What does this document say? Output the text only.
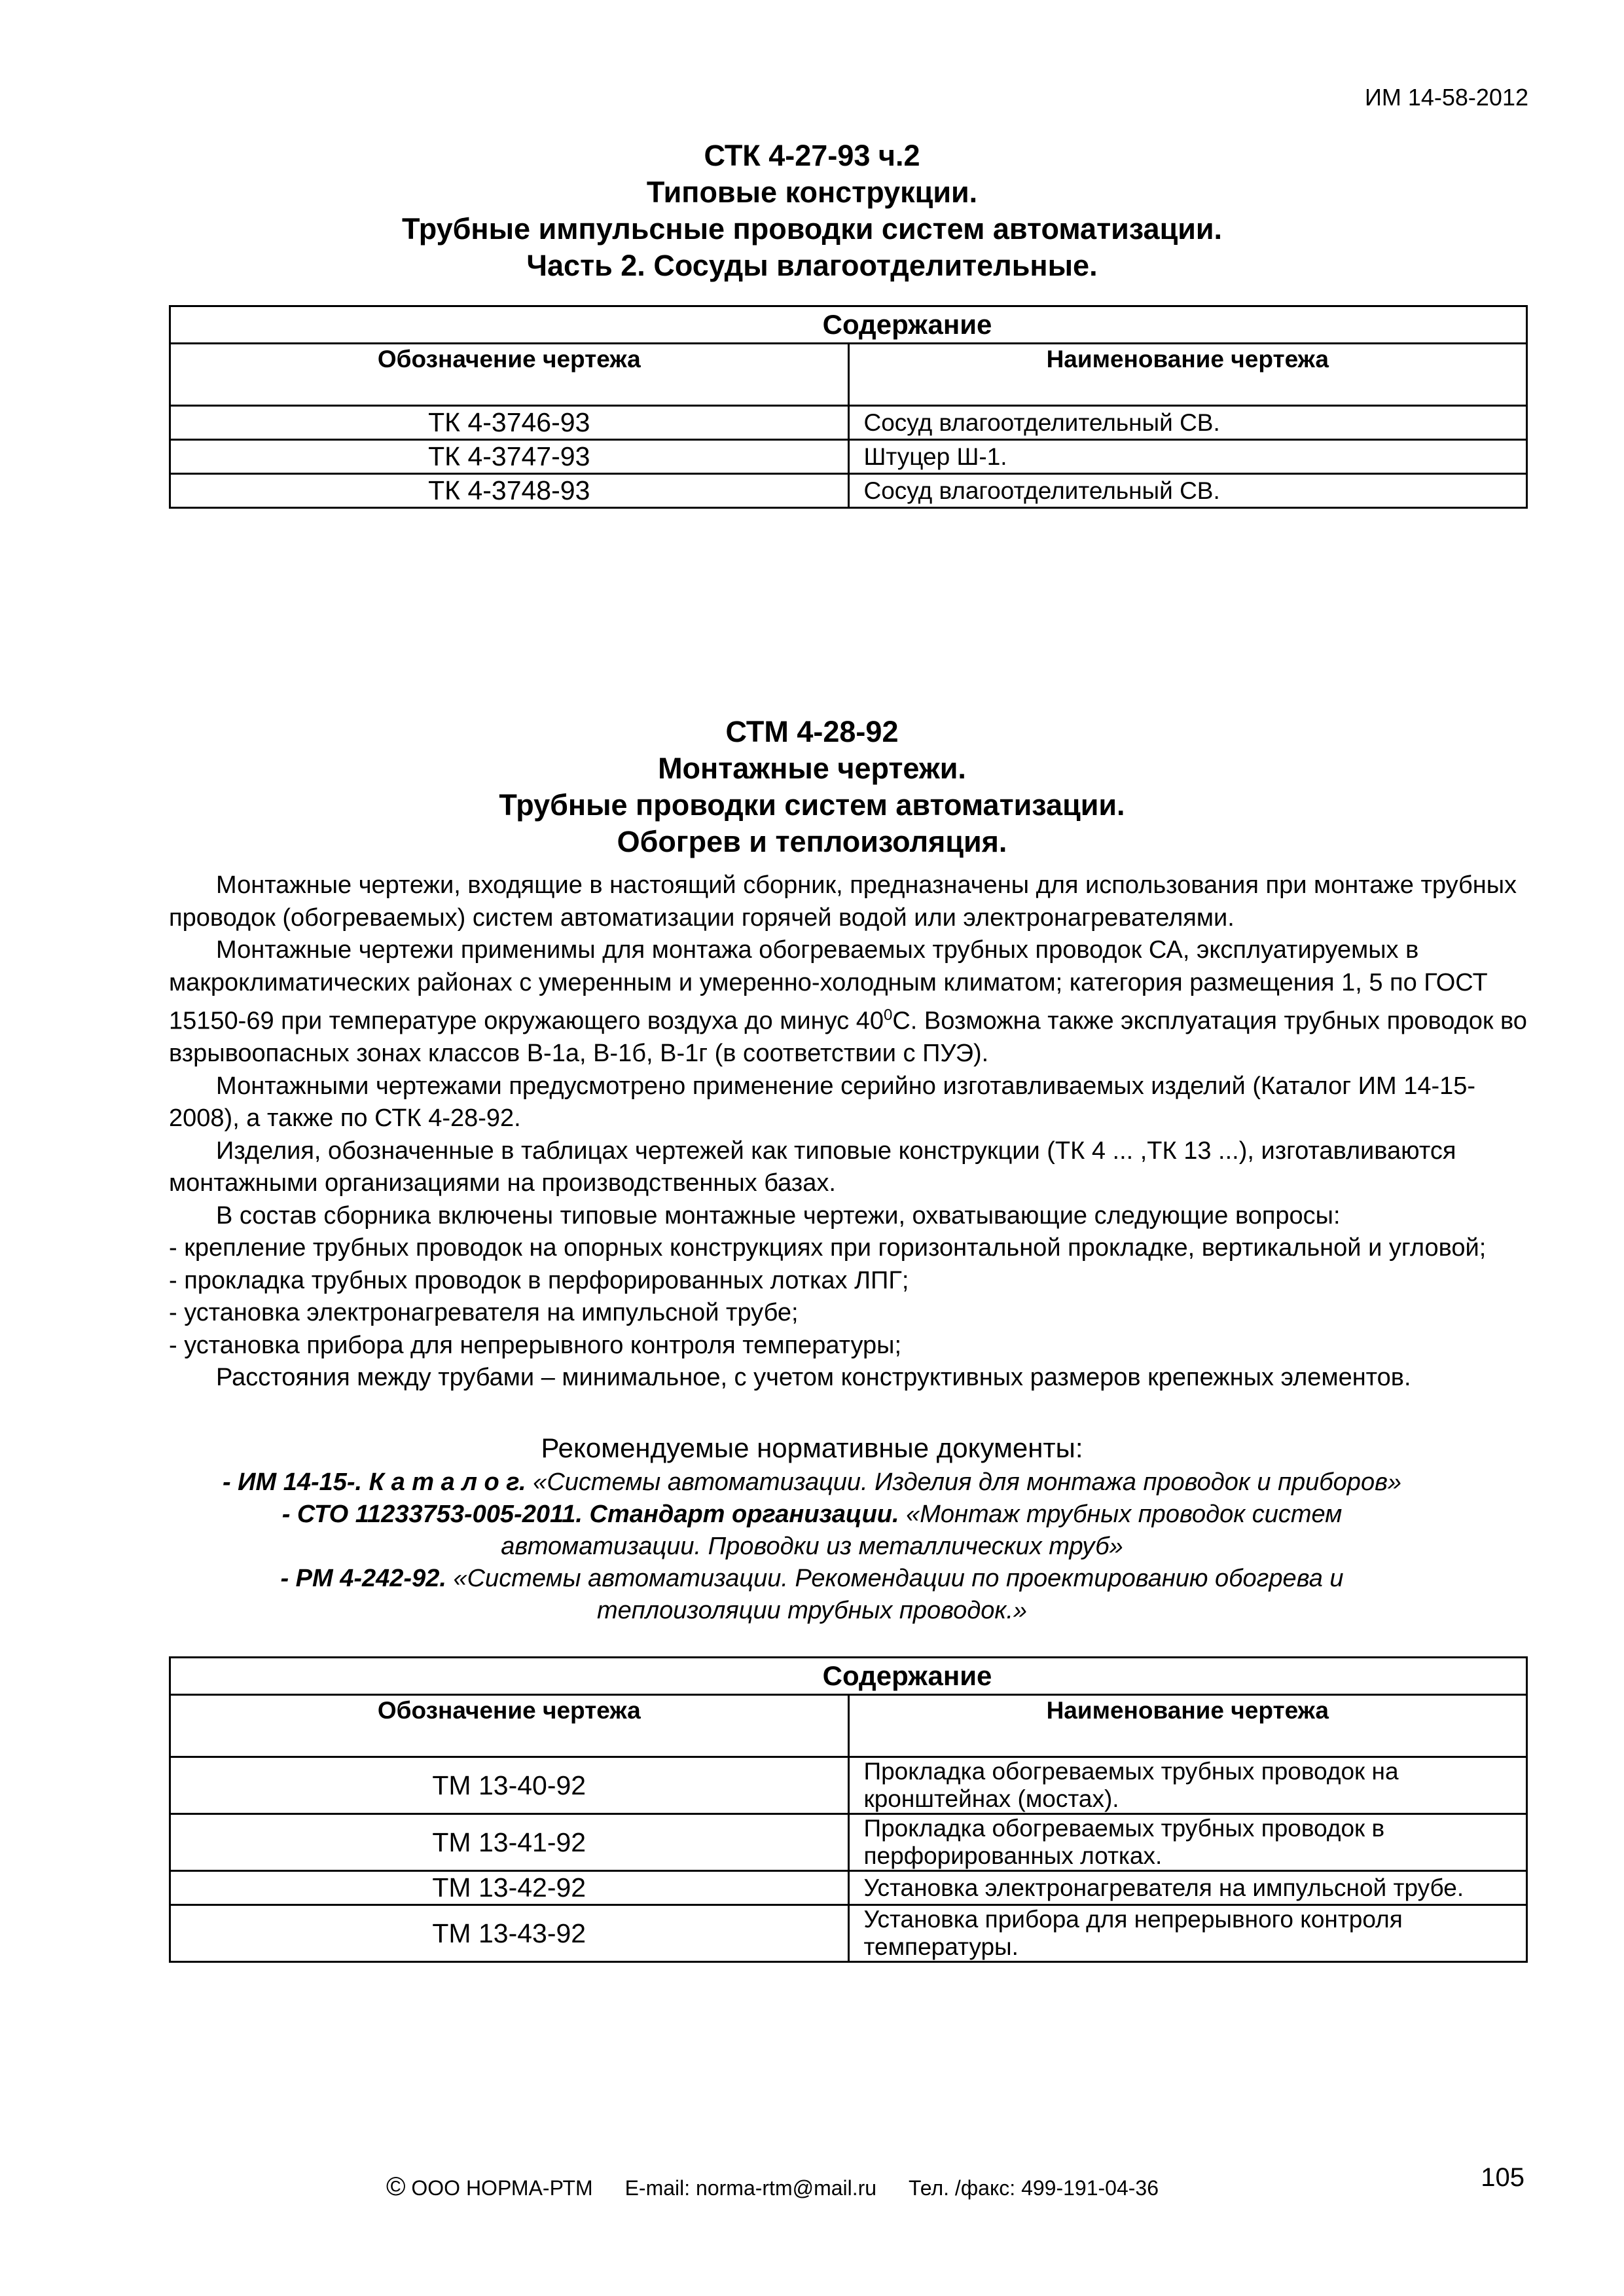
ИМ 14-58-2012
СТК 4-27-93 ч.2
Типовые конструкции.
Трубные импульсные проводки систем автоматизации.
Часть 2. Сосуды влагоотделительные.
Содержание	
Обозначение чертежа	Наименование чертежа
ТК 4-3746-93	Сосуд влагоотделительный СВ.
ТК 4-3747-93	Штуцер Ш-1.
ТК 4-3748-93	Сосуд влагоотделительный СВ.
СТМ 4-28-92
Монтажные чертежи.
Трубные проводки систем автоматизации.
Обогрев и теплоизоляция.

Монтажные чертежи, входящие в настоящий сборник, предназначены для использования при монтаже трубных проводок (обогреваемых) систем автоматизации горячей водой или электронагревателями.

Монтажные чертежи применимы для монтажа обогреваемых трубных проводок СА, эксплуатируемых в макроклиматических районах с умеренным и умеренно-холодным климатом; категория размещения 1, 5 по ГОСТ 15150-69 при температуре окружающего воздуха до минус $40^0С$. Возможна также эксплуатация трубных проводок во взрывоопасных зонах классов В-1а, В-1б, В-1г (в соответствии с ПУЭ).

Монтажными чертежами предусмотрено применение серийно изготавливаемых изделий (Каталог ИМ 14-15-2008), а также по СТК 4-28-92.

Изделия, обозначенные в таблицах чертежей как типовые конструкции (ТК 4 ... ,ТК 13 ...), изготавливаются монтажными организациями на производственных базах.

В состав сборника включены типовые монтажные чертежи, охватывающие следующие вопросы:

- крепление трубных проводок на опорных конструкциях при горизонтальной прокладке, вертикальной и угловой;

- прокладка трубных проводок в перфорированных лотках ЛПГ;

- установка электронагревателя на импульсной трубе;

- установка прибора для непрерывного контроля температуры;

Расстояния между трубами – минимальное, с учетом конструктивных размеров крепежных элементов.

Рекомендуемые нормативные документы:
- ИМ 14-15-. К а т а л о г. «Системы автоматизации. Изделия для монтажа проводок и приборов»
- СТО 11233753-005-2011. Стандарт организации. «Монтаж трубных проводок систем
автоматизации. Проводки из металлических труб»
- РМ 4-242-92. «Системы автоматизации. Рекомендации по проектированию обогрева и
теплоизоляции трубных проводок.»
Содержание	
Обозначение чертежа	Наименование чертежа
ТМ 13-40-92	Прокладка обогреваемых трубных проводок на кронштейнах (мостах).
ТМ 13-41-92	Прокладка обогреваемых трубных проводок в перфорированных лотках.
ТМ 13-42-92	Установка электронагревателя на импульсной трубе.
ТМ 13-43-92	Установка прибора для непрерывного контроля температуры.
© ООО НОРМА-РТМ E-mail: norma-rtm@mail.ru Тел. /факс: 499-191-04-36	105
